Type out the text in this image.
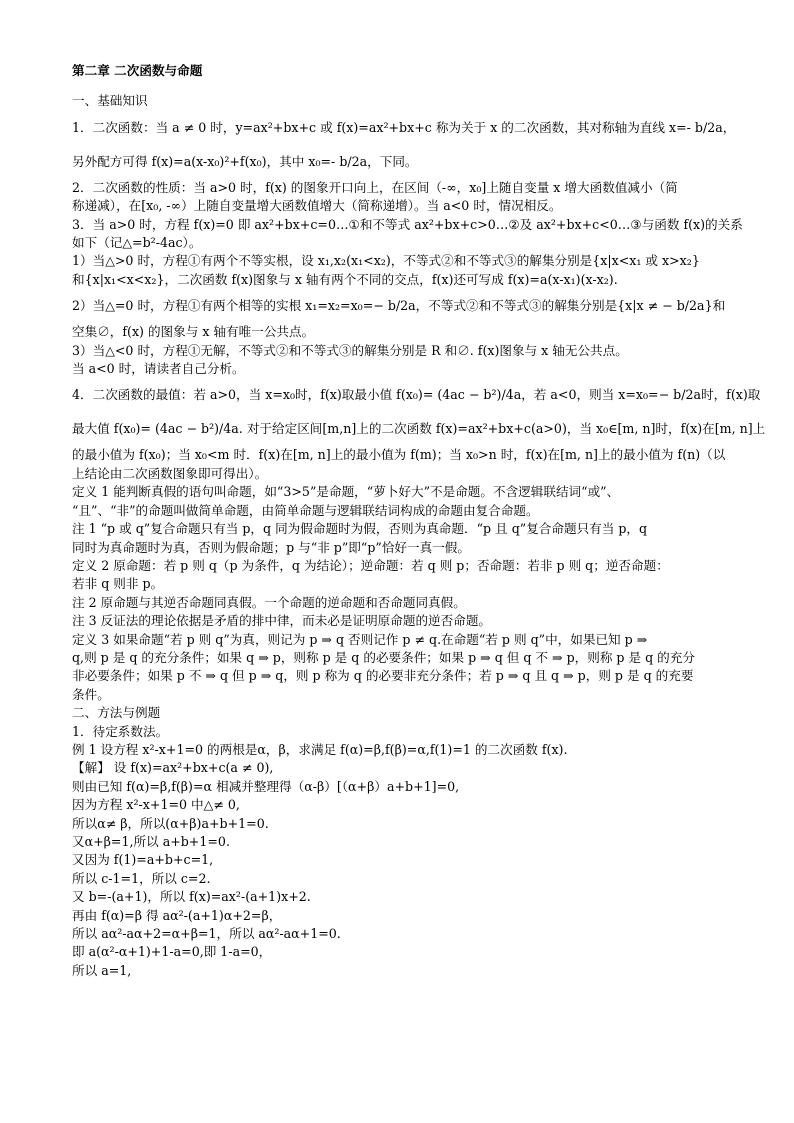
第二章 二次函数与命题

一、基础知识

1．二次函数：当 a ≠ 0 时，y=ax²+bx+c 或 f(x)=ax²+bx+c 称为关于 x 的二次函数，其对称轴为直线 x=- b/2a，

另外配方可得 f(x)=a(x-x₀)²+f(x₀)，其中 x₀=- b/2a，下同。

2．二次函数的性质：当 a>0 时，f(x) 的图象开口向上，在区间（-∞，x₀]上随自变量 x 增大函数值减小（简

称递减），在[x₀, -∞）上随自变量增大函数值增大（简称递增）。当 a<0 时，情况相反。

3．当 a>0 时，方程 f(x)=0 即 ax²+bx+c=0…①和不等式 ax²+bx+c>0…②及 ax²+bx+c<0…③与函数 f(x)的关系

如下（记△=b²-4ac）。

1）当△>0 时，方程①有两个不等实根，设 x₁,x₂(x₁<x₂)，不等式②和不等式③的解集分别是{x|x<x₁ 或 x>x₂}

和{x|x₁<x<x₂}，二次函数 f(x)图象与 x 轴有两个不同的交点，f(x)还可写成 f(x)=a(x-x₁)(x-x₂).

2）当△=0 时，方程①有两个相等的实根 x₁=x₂=x₀=− b/2a，不等式②和不等式③的解集分别是{x|x ≠ − b/2a}和

空集∅，f(x) 的图象与 x 轴有唯一公共点。

3）当△<0 时，方程①无解，不等式②和不等式③的解集分别是 R 和∅. f(x)图象与 x 轴无公共点。

当 a<0 时，请读者自己分析。

4．二次函数的最值：若 a>0，当 x=x₀时，f(x)取最小值 f(x₀)= (4ac − b²)/4a，若 a<0，则当 x=x₀=− b/2a时，f(x)取

最大值 f(x₀)= (4ac − b²)/4a. 对于给定区间[m,n]上的二次函数 f(x)=ax²+bx+c(a>0)，当 x₀∈[m, n]时，f(x)在[m, n]上

的最小值为 f(x₀)；当 x₀<m 时．f(x)在[m, n]上的最小值为 f(m)；当 x₀>n 时，f(x)在[m, n]上的最小值为 f(n)（以

上结论由二次函数图象即可得出）。

定义 1 能判断真假的语句叫命题，如“3>5”是命题，“萝卜好大”不是命题。不含逻辑联结词“或”、

“且”、“非”的命题叫做简单命题，由简单命题与逻辑联结词构成的命题由复合命题。

注 1 “p 或 q”复合命题只有当 p，q 同为假命题时为假，否则为真命题．“p 且 q”复合命题只有当 p，q

同时为真命题时为真，否则为假命题；p 与“非 p”即“p”恰好一真一假。

定义 2 原命题：若 p 则 q（p 为条件，q 为结论）；逆命题：若 q 则 p；否命题：若非 p 则 q；逆否命题：

若非 q 则非 p。

注 2 原命题与其逆否命题同真假。一个命题的逆命题和否命题同真假。

注 3 反证法的理论依据是矛盾的排中律，而未必是证明原命题的逆否命题。

定义 3 如果命题“若 p 则 q”为真，则记为 p ⇒ q 否则记作 p ≠ q.在命题“若 p 则 q”中，如果已知 p ⇒

q,则 p 是 q 的充分条件；如果 q ⇒ p，则称 p 是 q 的必要条件；如果 p ⇒ q 但 q 不 ⇒ p，则称 p 是 q 的充分

非必要条件；如果 p 不 ⇒ q 但 p ⇒ q，则 p 称为 q 的必要非充分条件；若 p ⇒ q 且 q ⇒ p，则 p 是 q 的充要

条件。

二、方法与例题

1．待定系数法。

例 1 设方程 x²-x+1=0 的两根是α，β，求满足 f(α)=β,f(β)=α,f(1)=1 的二次函数 f(x).

【解】 设 f(x)=ax²+bx+c(a ≠ 0),

则由已知 f(α)=β,f(β)=α 相减并整理得（α-β）[（α+β）a+b+1]=0,

因为方程 x²-x+1=0 中△≠ 0,

所以α≠ β，所以(α+β)a+b+1=0.

又α+β=1,所以 a+b+1=0.

又因为 f(1)=a+b+c=1,

所以 c-1=1，所以 c=2.

又 b=-(a+1)，所以 f(x)=ax²-(a+1)x+2.

再由 f(α)=β 得 aα²-(a+1)α+2=β，

所以 aα²-aα+2=α+β=1，所以 aα²-aα+1=0.

即 a(α²-α+1)+1-a=0,即 1-a=0，

所以 a=1,
